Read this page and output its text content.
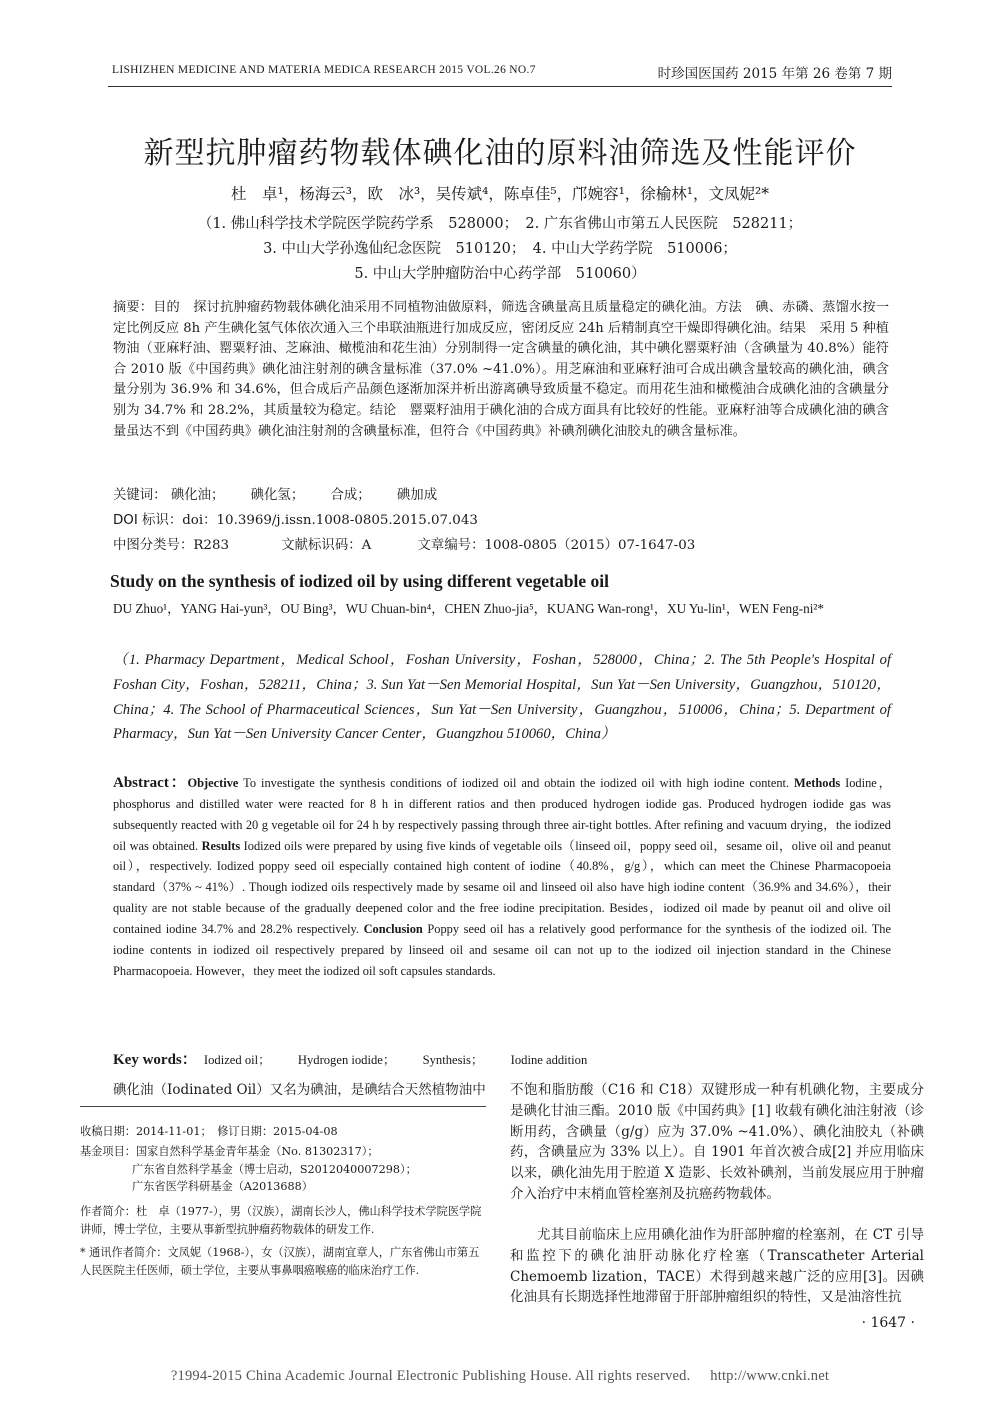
LISHIZHEN MEDICINE AND MATERIA MEDICA RESEARCH 2015 VOL.26 NO.7	时珍国医国药 2015 年第 26 卷第 7 期
新型抗肿瘤药物载体碘化油的原料油筛选及性能评价
杜　卓¹，杨海云³，欧　冰³，吴传斌⁴，陈卓佳⁵，邝婉容¹，徐榆林¹，文凤妮²*
（1. 佛山科学技术学院医学院药学系　528000；　2. 广东省佛山市第五人民医院　528211；
3. 中山大学孙逸仙纪念医院　510120；　4. 中山大学药学院　510006；
5. 中山大学肿瘤防治中心药学部　510060）
摘要：目的　探讨抗肿瘤药物载体碘化油采用不同植物油做原料，筛选含碘量高且质量稳定的碘化油。方法　碘、赤磷、蒸馏水按一定比例反应 8h 产生碘化氢气体依次通入三个串联油瓶进行加成反应，密闭反应 24h 后精制真空干燥即得碘化油。结果　采用 5 种植物油（亚麻籽油、罂粟籽油、芝麻油、橄榄油和花生油）分别制得一定含碘量的碘化油，其中碘化罂粟籽油（含碘量为 40.8%）能符合 2010 版《中国药典》碘化油注射剂的碘含量标准（37.0% ~41.0%）。用芝麻油和亚麻籽油可合成出碘含量较高的碘化油，碘含量分别为 36.9% 和 34.6%，但合成后产品颜色逐渐加深并析出游离碘导致质量不稳定。而用花生油和橄榄油合成碘化油的含碘量分别为 34.7% 和 28.2%，其质量较为稳定。结论　罂粟籽油用于碘化油的合成方面具有比较好的性能。亚麻籽油等合成碘化油的碘含量虽达不到《中国药典》碘化油注射剂的含碘量标准，但符合《中国药典》补碘剂碘化油胶丸的碘含量标准。
关键词： 碘化油； 碘化氢； 合成； 碘加成
DOI 标识：doi：10.3969/j.issn.1008-0805.2015.07.043
中图分类号：R283	文献标识码：A	文章编号：1008-0805（2015）07-1647-03
Study on the synthesis of iodized oil by using different vegetable oil
DU Zhuo¹，YANG Hai-yun³，OU Bing³，WU Chuan-bin⁴，CHEN Zhuo-jia⁵，KUANG Wan-rong¹，XU Yu-lin¹，WEN Feng-ni²*
（1. Pharmacy Department，Medical School，Foshan University，Foshan，528000，China；2. The 5th People's Hospital of Foshan City，Foshan，528211，China；3. Sun Yat－Sen Memorial Hospital，Sun Yat－Sen University，Guangzhou，510120，China；4. The School of Pharmaceutical Sciences，Sun Yat－Sen University，Guangzhou，510006，China；5. Department of Pharmacy，Sun Yat－Sen University Cancer Center，Guangzhou 510060，China）
Abstract：Objective To investigate the synthesis conditions of iodized oil and obtain the iodized oil with high iodine content. Methods Iodine，phosphorus and distilled water were reacted for 8 h in different ratios and then produced hydrogen iodide gas. Produced hydrogen iodide gas was subsequently reacted with 20 g vegetable oil for 24 h by respectively passing through three air-tight bottles. After refining and vacuum drying，the iodized oil was obtained. Results Iodized oils were prepared by using five kinds of vegetable oils（linseed oil，poppy seed oil，sesame oil，olive oil and peanut oil），respectively. Iodized poppy seed oil especially contained high content of iodine（40.8%，g/g），which can meet the Chinese Pharmacopoeia standard（37% ~ 41%）. Though iodized oils respectively made by sesame oil and linseed oil also have high iodine content（36.9% and 34.6%），their quality are not stable because of the gradually deepened color and the free iodine precipitation. Besides，iodized oil made by peanut oil and olive oil contained iodine 34.7% and 28.2% respectively. Conclusion Poppy seed oil has a relatively good performance for the synthesis of the iodized oil. The iodine contents in iodized oil respectively prepared by linseed oil and sesame oil can not up to the iodized oil injection standard in the Chinese Pharmacopoeia. However，they meet the iodized oil soft capsules standards.
Key words： Iodized oil； Hydrogen iodide； Synthesis； Iodine addition
碘化油（Iodinated Oil）又名为碘油，是碘结合天然植物油中
收稿日期：2014-11-01；　修订日期：2015-04-08
基金项目：国家自然科学基金青年基金（No. 81302317）；
广东省自然科学基金（博士启动，S2012040007298）；
广东省医学科研基金（A2013688）
作者简介：杜　卓（1977-），男（汉族），湖南长沙人，佛山科学技术学院医学院讲师，博士学位，主要从事新型抗肿瘤药物载体的研发工作.
* 通讯作者简介：文凤妮（1968-），女（汉族），湖南宜章人，广东省佛山市第五人民医院主任医师，硕士学位，主要从事鼻咽癌喉癌的临床治疗工作.
不饱和脂肪酸（C16 和 C18）双键形成一种有机碘化物，主要成分是碘化甘油三酯。2010 版《中国药典》[1] 收载有碘化油注射液（诊断用药，含碘量（g/g）应为 37.0% ~41.0%）、碘化油胶丸（补碘药，含碘量应为 33% 以上）。自 1901 年首次被合成[2] 并应用临床以来，碘化油先用于腔道 X 造影、长效补碘剂，当前发展应用于肿瘤介入治疗中末梢血管栓塞剂及抗癌药物载体。
尤其目前临床上应用碘化油作为肝部肿瘤的栓塞剂，在 CT 引导和监控下的碘化油肝动脉化疗栓塞（Transcatheter Arterial Chemoemb lization，TACE）术得到越来越广泛的应用[3]。因碘化油具有长期选择性地滞留于肝部肿瘤组织的特性，又是油溶性抗
· 1647 ·
?1994-2015 China Academic Journal Electronic Publishing House. All rights reserved. http://www.cnki.net
